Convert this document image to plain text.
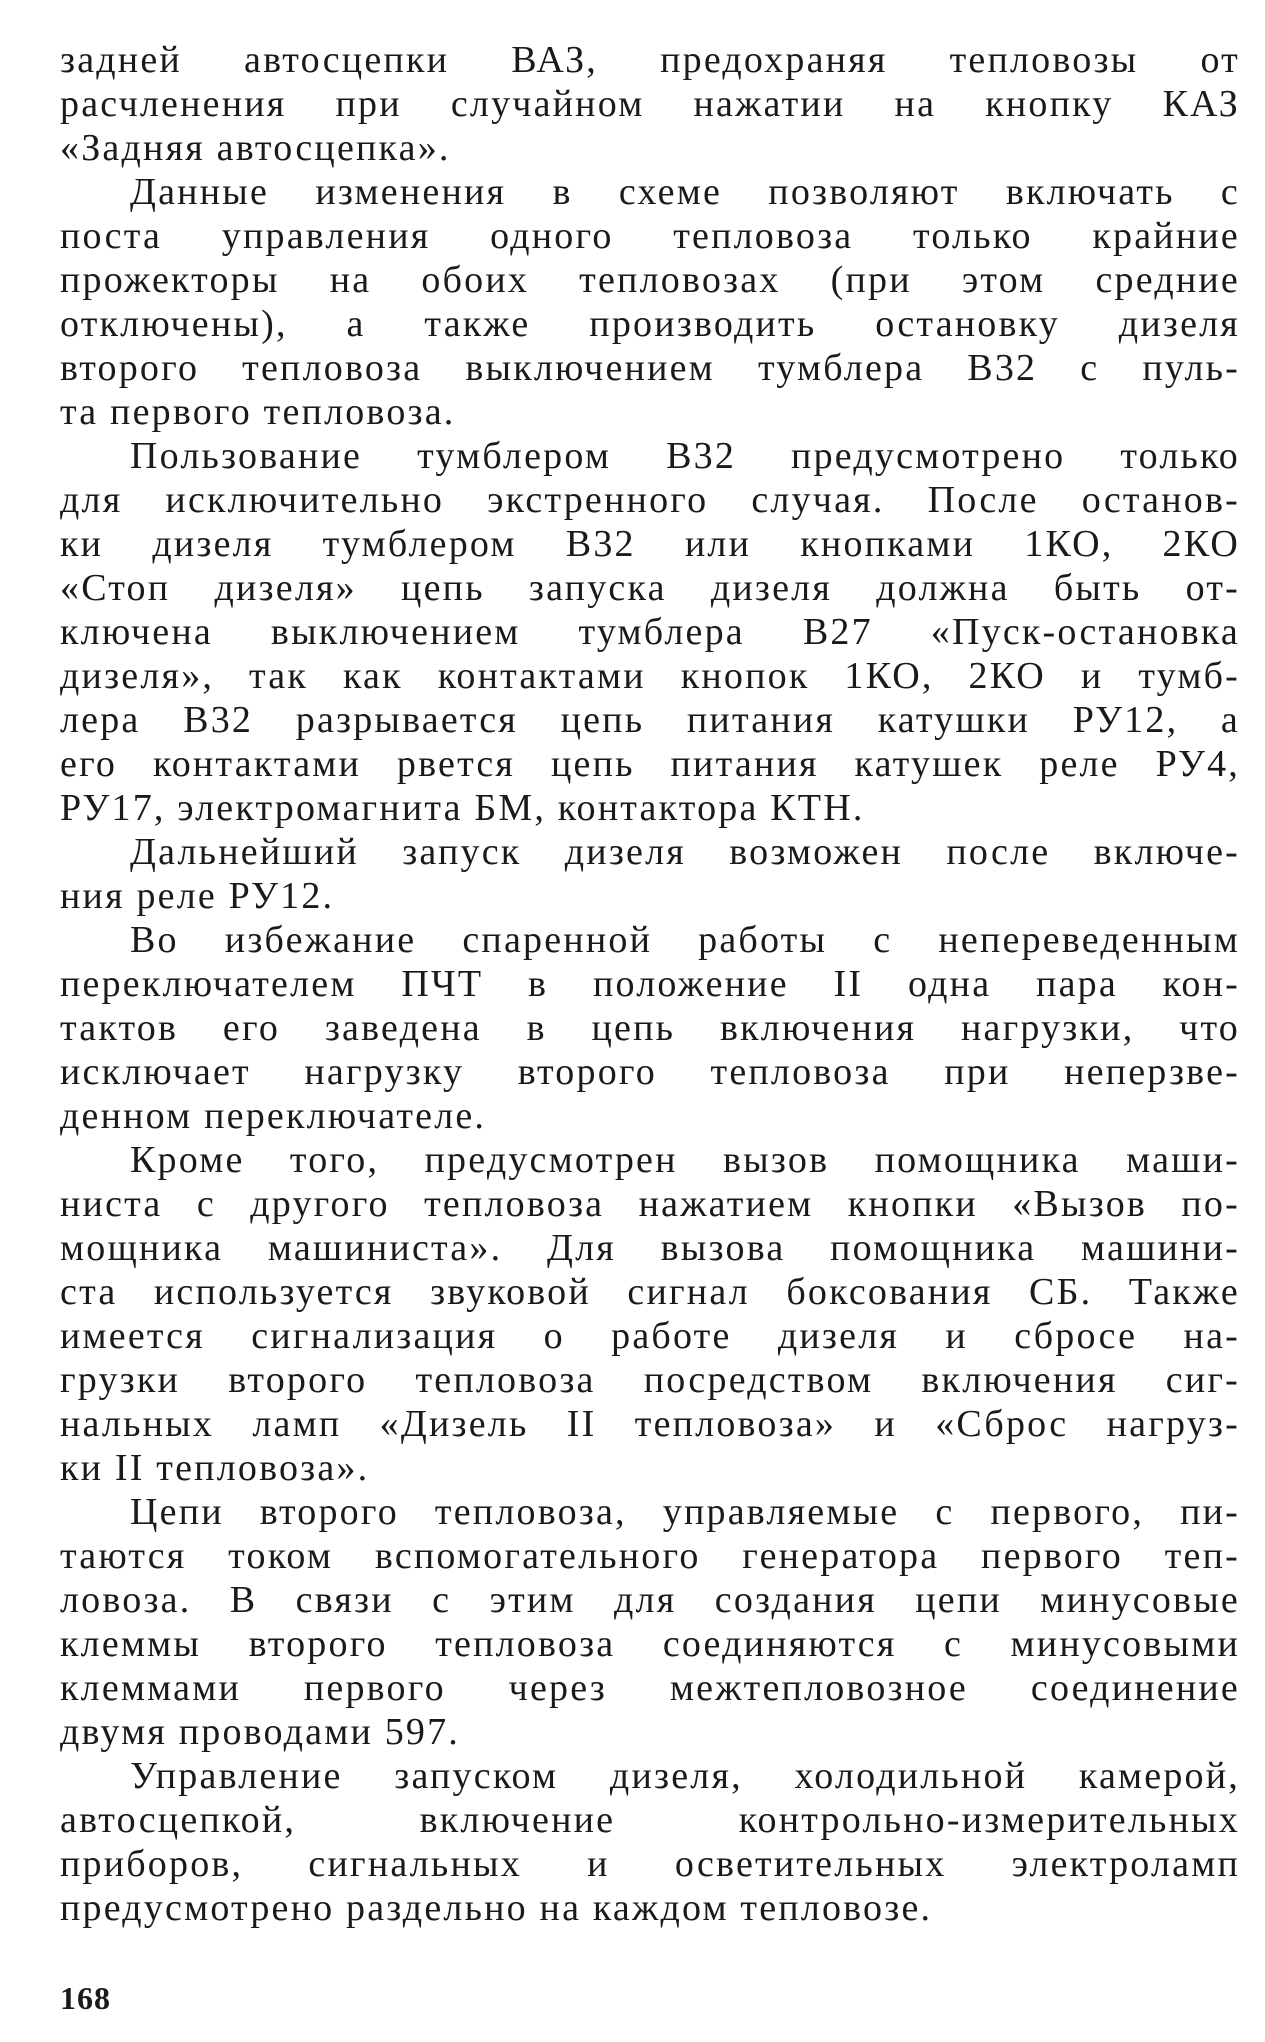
задней автосцепки ВАЗ, предохраняя тепловозы от
расчленения при случайном нажатии на кнопку КАЗ
«Задняя автосцепка».
Данные изменения в схеме позволяют включать с
поста управления одного тепловоза только крайние
прожекторы на обоих тепловозах (при этом средние
отключены), а также производить остановку дизеля
второго тепловоза выключением тумблера В32 с пуль-
та первого тепловоза.
Пользование тумблером В32 предусмотрено только
для исключительно экстренного случая. После останов-
ки дизеля тумблером В32 или кнопками 1КО, 2КО
«Стоп дизеля» цепь запуска дизеля должна быть от-
ключена выключением тумблера В27 «Пуск-остановка
дизеля», так как контактами кнопок 1КО, 2КО и тумб-
лера В32 разрывается цепь питания катушки РУ12, а
его контактами рвется цепь питания катушек реле РУ4,
РУ17, электромагнита БМ, контактора КТН.
Дальнейший запуск дизеля возможен после включе-
ния реле РУ12.
Во избежание спаренной работы с непереведенным
переключателем ПЧТ в положение II одна пара кон-
тактов его заведена в цепь включения нагрузки, что
исключает нагрузку второго тепловоза при неперзве-
денном переключателе.
Кроме того, предусмотрен вызов помощника маши-
ниста с другого тепловоза нажатием кнопки «Вызов по-
мощника машиниста». Для вызова помощника машини-
ста используется звуковой сигнал боксования СБ. Также
имеется сигнализация о работе дизеля и сбросе на-
грузки второго тепловоза посредством включения сиг-
нальных ламп «Дизель II тепловоза» и «Сброс нагруз-
ки II тепловоза».
Цепи второго тепловоза, управляемые с первого, пи-
таются током вспомогательного генератора первого теп-
ловоза. В связи с этим для создания цепи минусовые
клеммы второго тепловоза соединяются с минусовыми
клеммами первого через межтепловозное соединение
двумя проводами 597.
Управление запуском дизеля, холодильной камерой,
автосцепкой, включение контрольно-измерительных
приборов, сигнальных и осветительных электроламп
предусмотрено раздельно на каждом тепловозе.
168
